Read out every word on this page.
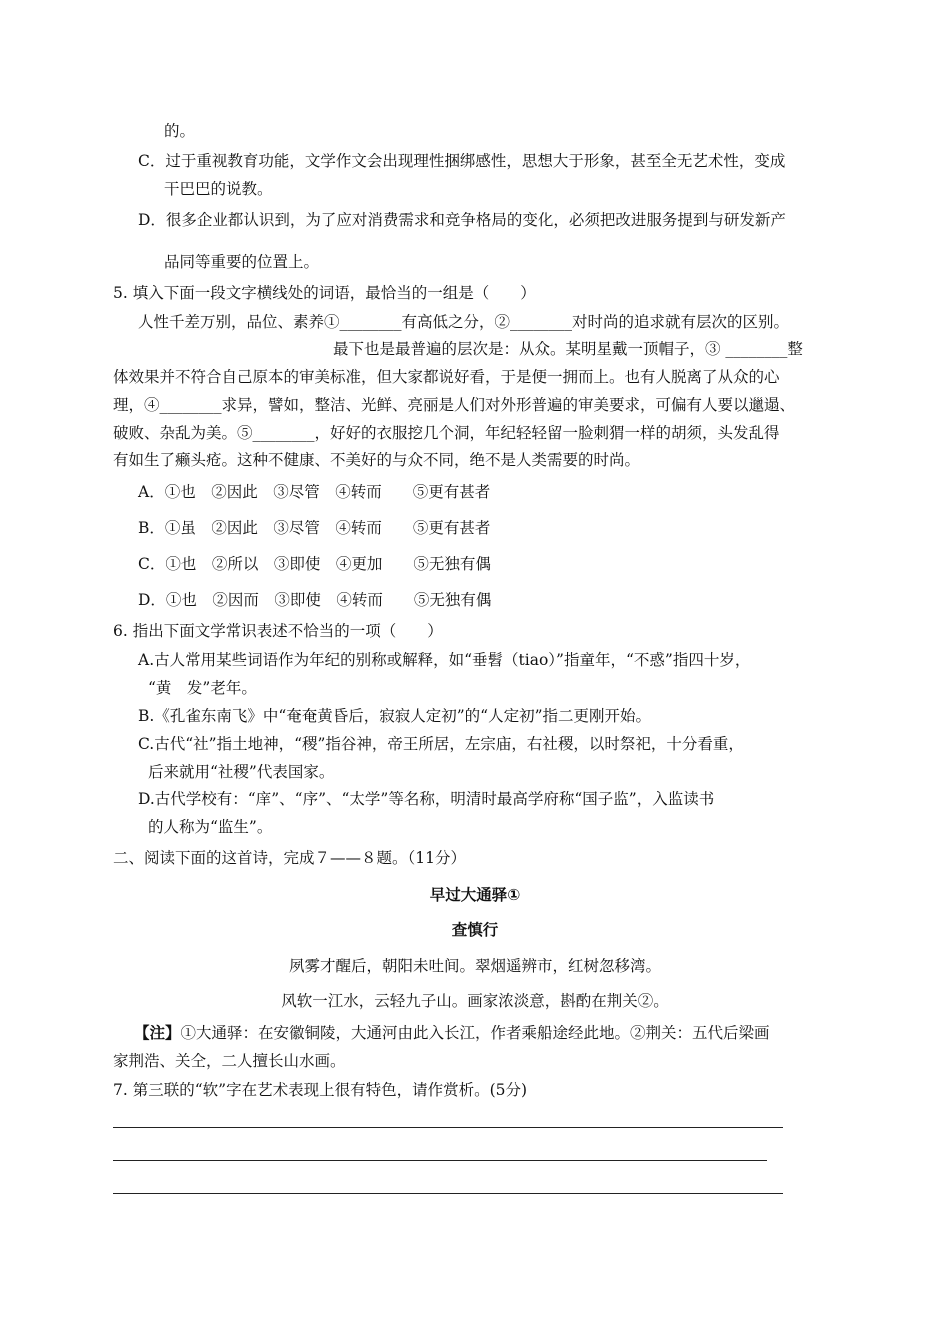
的。
C．过于重视教育功能，文学作文会出现理性捆绑感性，思想大于形象，甚至全无艺术性，变成
干巴巴的说教。
D．很多企业都认识到，为了应对消费需求和竞争格局的变化，必须把改进服务提到与研发新产
品同等重要的位置上。
5. 填入下面一段文字横线处的词语，最恰当的一组是（　　）
人性千差万别，品位、素养①________有高低之分，②________对时尚的追求就有层次的区别。
最下也是最普遍的层次是：从众。某明星戴一顶帽子，③ ________整
体效果并不符合自己原本的审美标准，但大家都说好看，于是便一拥而上。也有人脱离了从众的心
理，④________求异，譬如，整洁、光鲜、亮丽是人们对外形普遍的审美要求，可偏有人要以邋遢、
破败、杂乱为美。⑤________，好好的衣服挖几个洞，年纪轻轻留一脸刺猬一样的胡须，头发乱得
有如生了癞头疮。这种不健康、不美好的与众不同，绝不是人类需要的时尚。
A．①也　②因此　③尽管　④转而　　⑤更有甚者
B．①虽　②因此　③尽管　④转而　　⑤更有甚者
C．①也　②所以　③即使　④更加　　⑤无独有偶
D．①也　②因而　③即使　④转而　　⑤无独有偶
6. 指出下面文学常识表述不恰当的一项（　　）
A.古人常用某些词语作为年纪的别称或解释，如“垂髫（tiao）”指童年，“不惑”指四十岁，
“黄　发”老年。
B.《孔雀东南飞》中“奄奄黄昏后，寂寂人定初”的“人定初”指二更刚开始。
C.古代“社”指土地神，“稷”指谷神，帝王所居，左宗庙，右社稷，以时祭祀，十分看重，
后来就用“社稷”代表国家。
D.古代学校有：“庠”、“序”、“太学”等名称，明清时最高学府称“国子监”，入监读书
的人称为“监生”。
二、阅读下面的这首诗，完成７——８题。（11分）
早过大通驿①
查慎行
夙雾才醒后，朝阳未吐间。翠烟遥辨市，红树忽移湾。
风软一江水，云轻九子山。画家浓淡意，斟酌在荆关②。
【注】①大通驿：在安徽铜陵，大通河由此入长江，作者乘船途经此地。②荆关：五代后梁画
家荆浩、关仝，二人擅长山水画。
7. 第三联的“软”字在艺术表现上很有特色，请作赏析。(5分)
